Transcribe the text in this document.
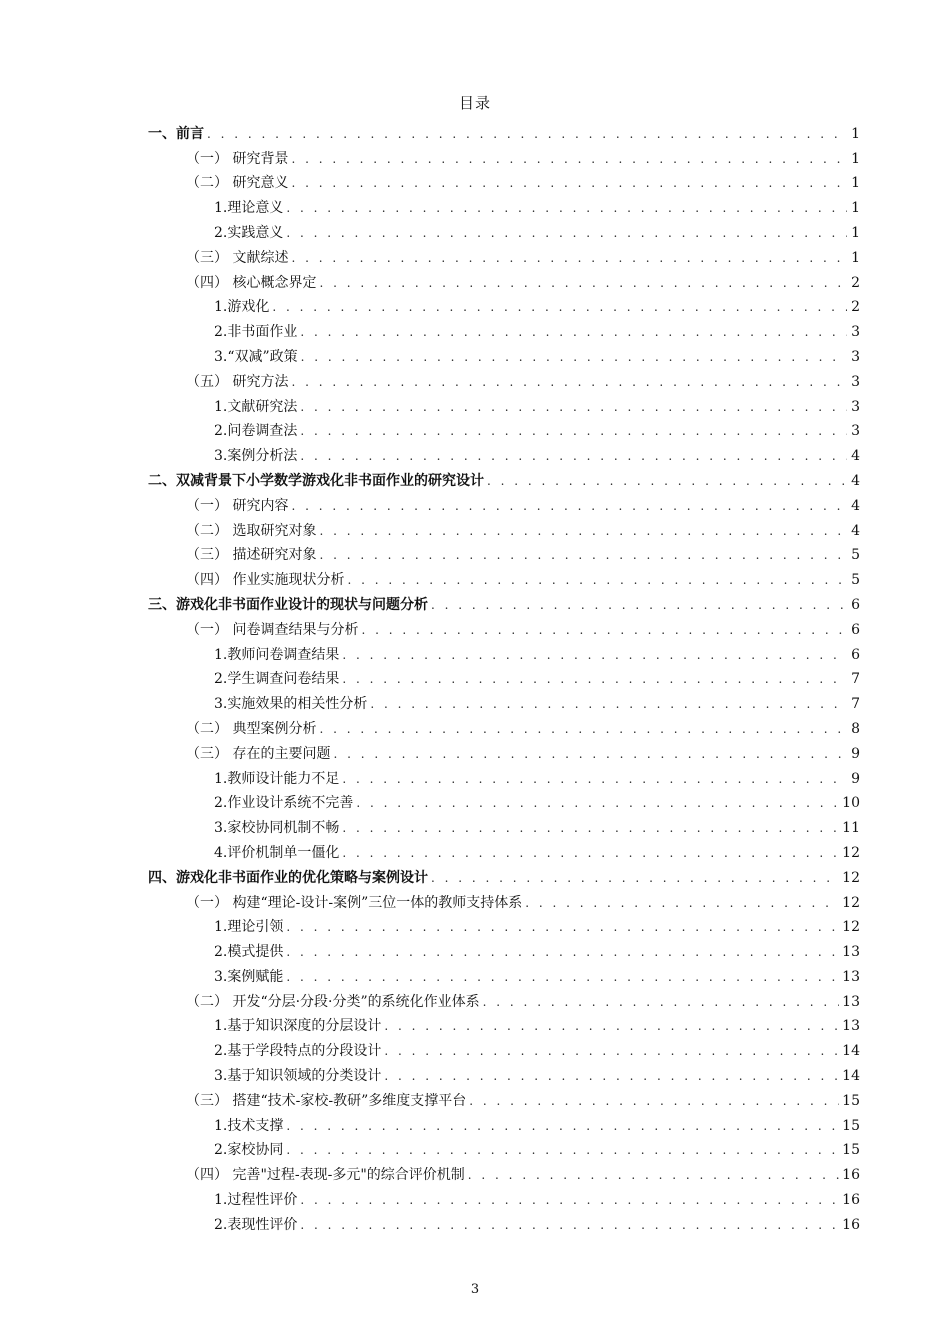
目录
一、前言 . . .	1
（一） 研究背景 . . .	1
（二） 研究意义 . . .	1
1.理论意义 . . .	1
2.实践意义 . . .	1
（三） 文献综述 . . .	1
（四） 核心概念界定 . . .	2
1.游戏化 . . .	2
2.非书面作业 . . .	3
3.“双减”政策 . . .	3
（五） 研究方法 . . .	3
1.文献研究法 . . .	3
2.问卷调查法 . . .	3
3.案例分析法 . . .	4
二、双减背景下小学数学游戏化非书面作业的研究设计 . . .	4
（一） 研究内容 . . .	4
（二） 选取研究对象 . . .	4
（三） 描述研究对象 . . .	5
（四） 作业实施现状分析 . . .	5
三、游戏化非书面作业设计的现状与问题分析 . . .	6
（一） 问卷调查结果与分析 . . .	6
1.教师问卷调查结果 . . .	6
2.学生调查问卷结果 . . .	7
3.实施效果的相关性分析 . . .	7
（二） 典型案例分析 . . .	8
（三） 存在的主要问题 . . .	9
1.教师设计能力不足 . . .	9
2.作业设计系统不完善 . . .	10
3.家校协同机制不畅 . . .	11
4.评价机制单一僵化 . . .	12
四、游戏化非书面作业的优化策略与案例设计 . . .	12
（一） 构建“理论-设计-案例”三位一体的教师支持体系 . . .	12
1.理论引领 . . .	12
2.模式提供 . . .	13
3.案例赋能 . . .	13
（二） 开发“分层·分段·分类”的系统化作业体系 . . .	13
1.基于知识深度的分层设计 . . .	13
2.基于学段特点的分段设计 . . .	14
3.基于知识领域的分类设计 . . .	14
（三） 搭建“技术-家校-教研”多维度支撑平台 . . .	15
1.技术支撑 . . .	15
2.家校协同 . . .	15
（四） 完善"过程-表现-多元"的综合评价机制 . . .	16
1.过程性评价 . . .	16
2.表现性评价 . . .	16
3
